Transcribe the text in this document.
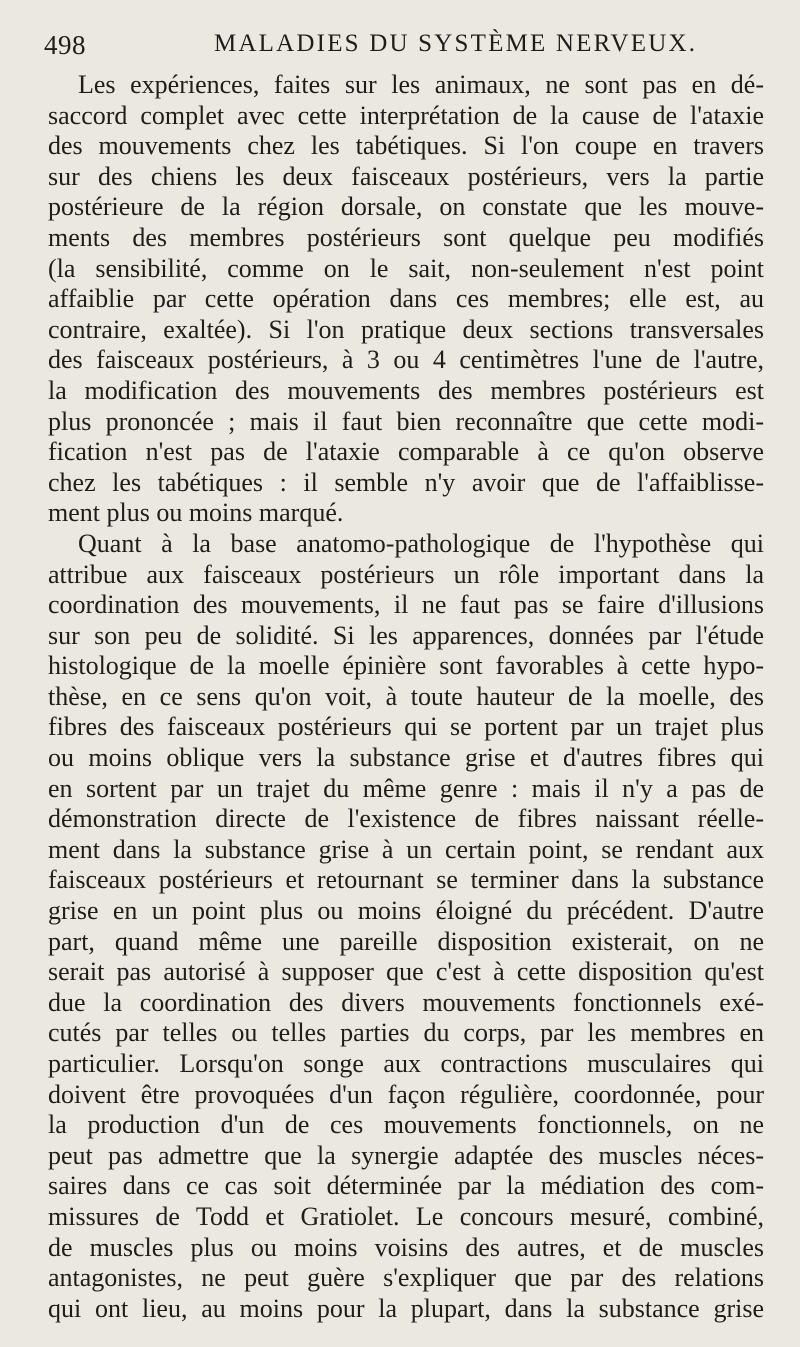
498	MALADIES DU SYSTÈME NERVEUX.
Les expériences, faites sur les animaux, ne sont pas en dé-
saccord complet avec cette interprétation de la cause de l'ataxie
des mouvements chez les tabétiques. Si l'on coupe en travers
sur des chiens les deux faisceaux postérieurs, vers la partie
postérieure de la région dorsale, on constate que les mouve-
ments des membres postérieurs sont quelque peu modifiés
(la sensibilité, comme on le sait, non-seulement n'est point
affaiblie par cette opération dans ces membres; elle est, au
contraire, exaltée). Si l'on pratique deux sections transversales
des faisceaux postérieurs, à 3 ou 4 centimètres l'une de l'autre,
la modification des mouvements des membres postérieurs est
plus prononcée ; mais il faut bien reconnaître que cette modi-
fication n'est pas de l'ataxie comparable à ce qu'on observe
chez les tabétiques : il semble n'y avoir que de l'affaiblisse-
ment plus ou moins marqué.
Quant à la base anatomo-pathologique de l'hypothèse qui
attribue aux faisceaux postérieurs un rôle important dans la
coordination des mouvements, il ne faut pas se faire d'illusions
sur son peu de solidité. Si les apparences, données par l'étude
histologique de la moelle épinière sont favorables à cette hypo-
thèse, en ce sens qu'on voit, à toute hauteur de la moelle, des
fibres des faisceaux postérieurs qui se portent par un trajet plus
ou moins oblique vers la substance grise et d'autres fibres qui
en sortent par un trajet du même genre : mais il n'y a pas de
démonstration directe de l'existence de fibres naissant réelle-
ment dans la substance grise à un certain point, se rendant aux
faisceaux postérieurs et retournant se terminer dans la substance
grise en un point plus ou moins éloigné du précédent. D'autre
part, quand même une pareille disposition existerait, on ne
serait pas autorisé à supposer que c'est à cette disposition qu'est
due la coordination des divers mouvements fonctionnels exé-
cutés par telles ou telles parties du corps, par les membres en
particulier. Lorsqu'on songe aux contractions musculaires qui
doivent être provoquées d'un façon régulière, coordonnée, pour
la production d'un de ces mouvements fonctionnels, on ne
peut pas admettre que la synergie adaptée des muscles néces-
saires dans ce cas soit déterminée par la médiation des com-
missures de Todd et Gratiolet. Le concours mesuré, combiné,
de muscles plus ou moins voisins des autres, et de muscles
antagonistes, ne peut guère s'expliquer que par des relations
qui ont lieu, au moins pour la plupart, dans la substance grise
